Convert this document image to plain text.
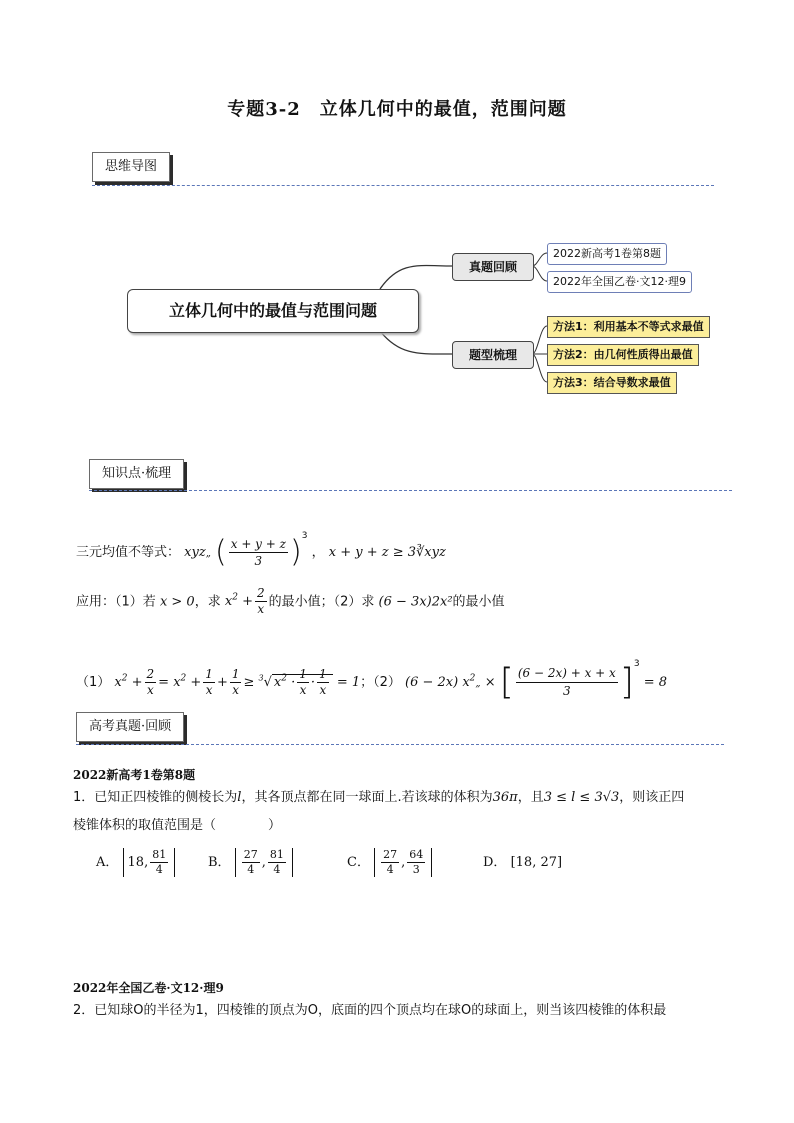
专题3-2　立体几何中的最值，范围问题
思维导图
立体几何中的最值与范围问题
真题回顾
题型梳理
2022新高考1卷第8题
2022年全国乙卷·文12·理9
方法1：利用基本不等式求最值
方法2：由几何性质得出最值
方法3：结合导数求最值
知识点·梳理
三元均值不等式： xyz„ ( $\frac{x + y + z}{3} )^3$ ， x + y + z ≥ 3∛xyz
应用：（1）若 x > 0，求 $x^2 + \frac{2}{x}$ 的最小值；（2）求 (6 − 3x)2x²的最小值
（1） $x^2 + \frac{2}{x} = x^2 + \frac{1}{x} + \frac{1}{x} \ge ^3√$ $x^2 \cdot \frac{1}{x} \cdot \frac{1}{x} = 1$；（2） (6 − 2x) $x^2„$ × [ $\frac{(6 - 2x) + x + x}{3} ]^3 = 8$
高考真题·回顾
2022新高考1卷第8题
1．已知正四棱锥的侧棱长为l，其各顶点都在同一球面上.若该球的体积为36π，且3 ≤ l ≤ 3√3，则该正四
棱锥体积的取值范围是（　　　　）
A． 18, $\frac{81}{4}$	B． $\frac{27}{4}$ , $\frac{81}{4}$	C． $\frac{27}{4}$ , $\frac{64}{3}$	D． [18, 27]
2022年全国乙卷·文12·理9
2．已知球O的半径为1，四棱锥的顶点为O，底面的四个顶点均在球O的球面上，则当该四棱锥的体积最
